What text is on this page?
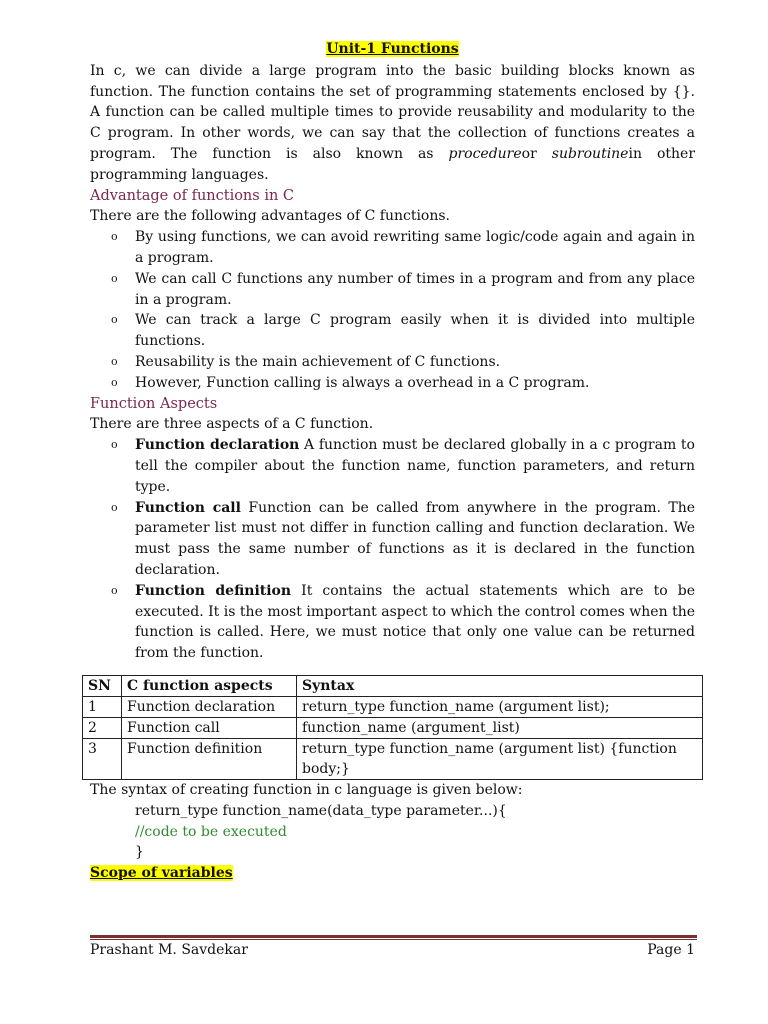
Unit-1 Functions

In c, we can divide a large program into the basic building blocks known as function. The function contains the set of programming statements enclosed by {}. A function can be called multiple times to provide reusability and modularity to the C program. In other words, we can say that the collection of functions creates a program. The function is also known as procedureor subroutinein other programming languages.

Advantage of functions in C

There are the following advantages of C functions.

o By using functions, we can avoid rewriting same logic/code again and again in a program.
o We can call C functions any number of times in a program and from any place in a program.
o We can track a large C program easily when it is divided into multiple functions.
o Reusability is the main achievement of C functions.
o However, Function calling is always a overhead in a C program.

Function Aspects

There are three aspects of a C function.

o Function declaration A function must be declared globally in a c program to tell the compiler about the function name, function parameters, and return type.
o Function call Function can be called from anywhere in the program. The parameter list must not differ in function calling and function declaration. We must pass the same number of functions as it is declared in the function declaration.
o Function definition It contains the actual statements which are to be executed. It is the most important aspect to which the control comes when the function is called. Here, we must notice that only one value can be returned from the function.
SN	C function aspects	Syntax
1	Function declaration	return_type function_name (argument list);
2	Function call	function_name (argument_list)
3	Function definition	return_type function_name (argument list) {function body;}

The syntax of creating function in c language is given below:

return_type function_name(data_type parameter...){

//code to be executed

}

Scope of variables

Prashant M. Savdekar	Page 1
